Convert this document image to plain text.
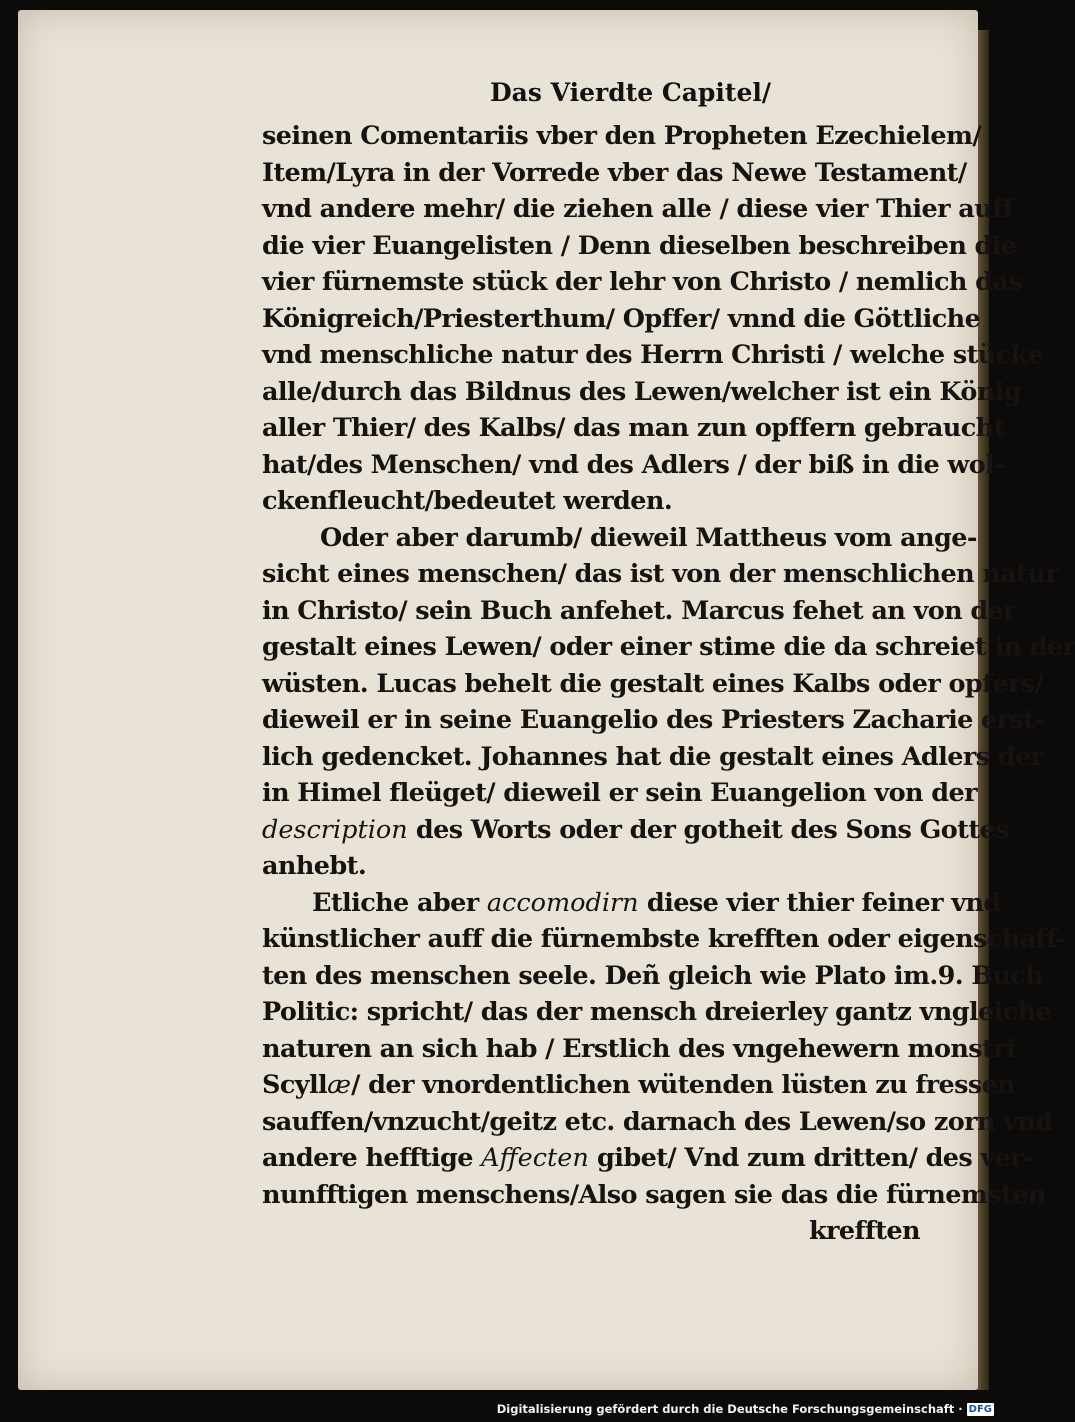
Das Vierdte Capitel/
seinen Comentariis vber den Propheten Ezechielem/
Item/Lyra in der Vorrede vber das Newe Testament/
vnd andere mehr/ die ziehen alle / diese vier Thier auff
die vier Euangelisten / Denn dieselben beschreiben die
vier fürnemste stück der lehr von Christo / nemlich das
Königreich/Priesterthum/ Opffer/ vnnd die Göttliche
vnd menschliche natur des Herrn Christi / welche stücke
alle/durch das Bildnus des Lewen/welcher ist ein König
aller Thier/ des Kalbs/ das man zun opffern gebraucht
hat/des Menschen/ vnd des Adlers / der biß in die wol-
ckenfleucht/bedeutet werden.
Oder aber darumb/ dieweil Mattheus vom ange-
sicht eines menschen/ das ist von der menschlichen natur
in Christo/ sein Buch anfehet. Marcus fehet an von der
gestalt eines Lewen/ oder einer stime die da schreiet in der
wüsten. Lucas behelt die gestalt eines Kalbs oder opfers/
dieweil er in seine Euangelio des Priesters Zacharie erst-
lich gedencket. Johannes hat die gestalt eines Adlers der
in Himel fleüget/ dieweil er sein Euangelion von der
description des Worts oder der gotheit des Sons Gottes
anhebt.
Etliche aber accomodirn diese vier thier feiner vnd
künstlicher auff die fürnembste krefften oder eigenschaff-
ten des menschen seele. Deñ gleich wie Plato im.9. Buch
Politic: spricht/ das der mensch dreierley gantz vngleiche
naturen an sich hab / Erstlich des vngehewern monstri
Scyllæ/ der vnordentlichen wütenden lüsten zu fressen
sauffen/vnzucht/geitz etc. darnach des Lewen/so zorn vnd
andere hefftige Affecten gibet/ Vnd zum dritten/ des ver-
nunfftigen menschens/Also sagen sie das die fürnemsten
krefften
Digitalisierung gefördert durch die Deutsche Forschungsgemeinschaft · DFG
